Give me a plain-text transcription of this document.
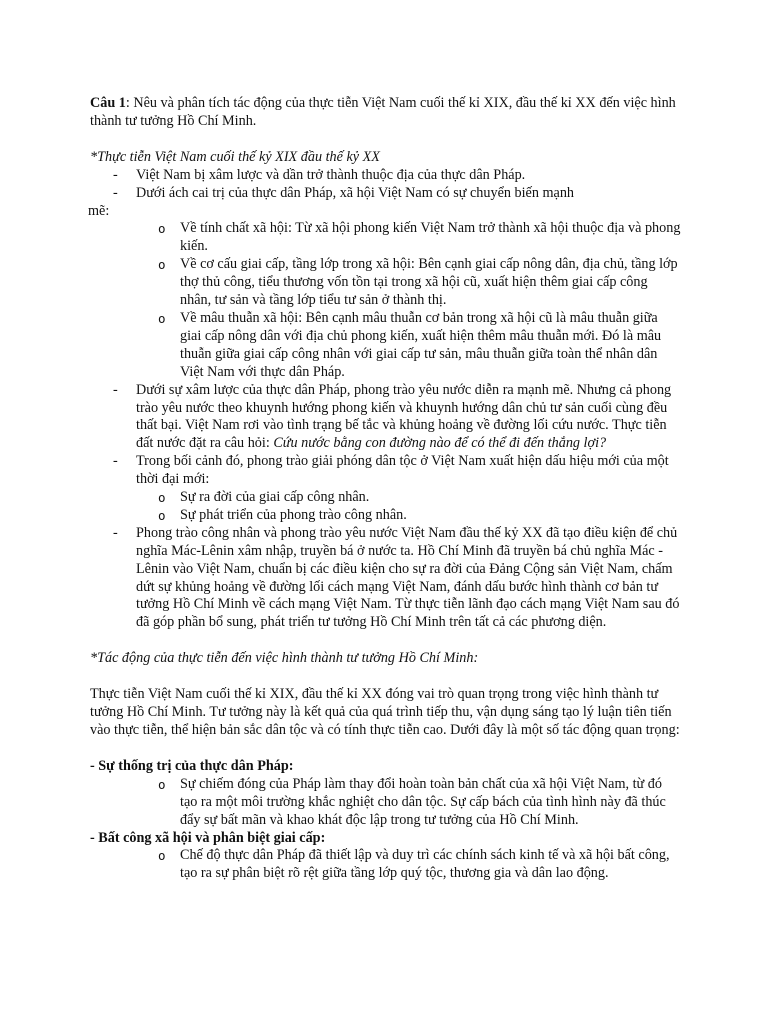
Câu 1: Nêu và phân tích tác động của thực tiễn Việt Nam cuối thế kỉ XIX, đầu thế kỉ XX đến việc hình thành tư tưởng Hồ Chí Minh.

*Thực tiễn Việt Nam cuối thế kỷ XIX đầu thế kỷ XX

- Việt Nam bị xâm lược và dần trở thành thuộc địa của thực dân Pháp.
- Dưới ách cai trị của thực dân Pháp, xã hội Việt Nam có sự chuyển biến mạnh

mẽ:

o Về tính chất xã hội: Từ xã hội phong kiến Việt Nam trở thành xã hội thuộc địa và phong kiến.
o Về cơ cấu giai cấp, tầng lớp trong xã hội: Bên cạnh giai cấp nông dân, địa chủ, tầng lớp thợ thủ công, tiểu thương vốn tồn tại trong xã hội cũ, xuất hiện thêm giai cấp công nhân, tư sản và tầng lớp tiểu tư sản ở thành thị.
o Về mâu thuẫn xã hội: Bên cạnh mâu thuẫn cơ bản trong xã hội cũ là mâu thuẫn giữa giai cấp nông dân với địa chủ phong kiến, xuất hiện thêm mâu thuẫn mới. Đó là mâu thuẫn giữa giai cấp công nhân với giai cấp tư sản, mâu thuẫn giữa toàn thể nhân dân Việt Nam với thực dân Pháp.
- Dưới sự xâm lược của thực dân Pháp, phong trào yêu nước diễn ra mạnh mẽ. Nhưng cả phong trào yêu nước theo khuynh hướng phong kiến và khuynh hướng dân chủ tư sản cuối cùng đều thất bại. Việt Nam rơi vào tình trạng bế tắc và khủng hoảng về đường lối cứu nước. Thực tiễn đất nước đặt ra câu hỏi: Cứu nước bằng con đường nào để có thể đi đến thắng lợi?
- Trong bối cảnh đó, phong trào giải phóng dân tộc ở Việt Nam xuất hiện dấu hiệu mới của một thời đại mới:
o Sự ra đời của giai cấp công nhân.
o Sự phát triển của phong trào công nhân.
- Phong trào công nhân và phong trào yêu nước Việt Nam đầu thế kỷ XX đã tạo điều kiện để chủ nghĩa Mác-Lênin xâm nhập, truyền bá ở nước ta. Hồ Chí Minh đã truyền bá chủ nghĩa Mác - Lênin vào Việt Nam, chuẩn bị các điều kiện cho sự ra đời của Đảng Cộng sản Việt Nam, chấm dứt sự khủng hoảng về đường lối cách mạng Việt Nam, đánh dấu bước hình thành cơ bản tư tưởng Hồ Chí Minh về cách mạng Việt Nam. Từ thực tiễn lãnh đạo cách mạng Việt Nam sau đó đã góp phần bổ sung, phát triển tư tưởng Hồ Chí Minh trên tất cả các phương diện.

*Tác động của thực tiễn đến việc hình thành tư tưởng Hồ Chí Minh:

Thực tiễn Việt Nam cuối thế kỉ XIX, đầu thế kỉ XX đóng vai trò quan trọng trong việc hình thành tư tưởng Hồ Chí Minh. Tư tưởng này là kết quả của quá trình tiếp thu, vận dụng sáng tạo lý luận tiên tiến vào thực tiễn, thể hiện bản sắc dân tộc và có tính thực tiễn cao. Dưới đây là một số tác động quan trọng:

- Sự thống trị của thực dân Pháp:

o Sự chiếm đóng của Pháp làm thay đổi hoàn toàn bản chất của xã hội Việt Nam, từ đó tạo ra một môi trường khắc nghiệt cho dân tộc. Sự cấp bách của tình hình này đã thúc đẩy sự bất mãn và khao khát độc lập trong tư tưởng của Hồ Chí Minh.

- Bất công xã hội và phân biệt giai cấp:

o Chế độ thực dân Pháp đã thiết lập và duy trì các chính sách kinh tế và xã hội bất công, tạo ra sự phân biệt rõ rệt giữa tầng lớp quý tộc, thương gia và dân lao động.
